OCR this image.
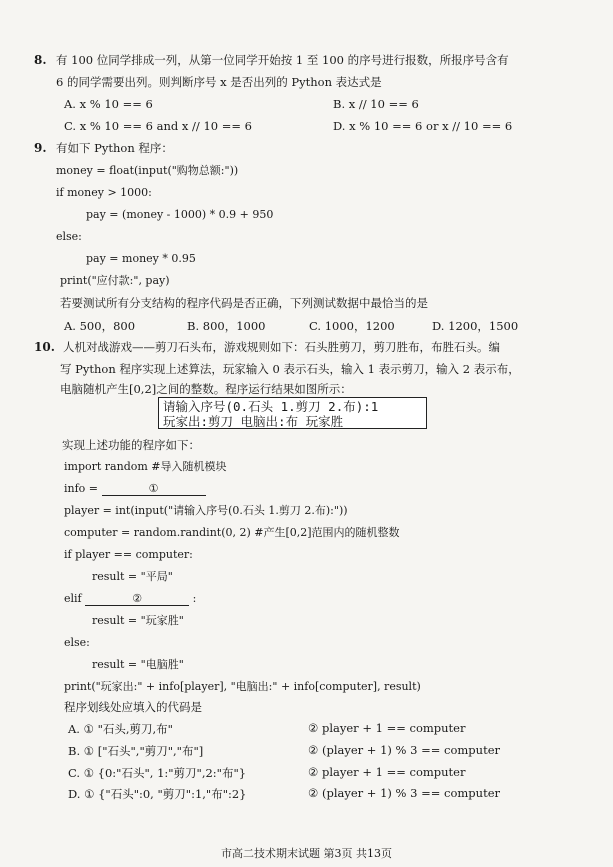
8. 有 100 位同学排成一列，从第一位同学开始按 1 至 100 的序号进行报数，所报序号含有
6 的同学需要出列。则判断序号 x 是否出列的 Python 表达式是
A. x % 10 == 6	B. x // 10 == 6
C. x % 10 == 6 and x // 10 == 6	D. x % 10 == 6 or x // 10 == 6
9. 有如下 Python 程序：
money = float(input("购物总额:"))
if money > 1000:
pay = (money - 1000) * 0.9 + 950
else:
pay = money * 0.95
print("应付款:", pay)
若要测试所有分支结构的程序代码是否正确，下列测试数据中最恰当的是
A. 500，800	B. 800，1000	C. 1000，1200	D. 1200，1500
10. 人机对战游戏——剪刀石头布，游戏规则如下：石头胜剪刀，剪刀胜布，布胜石头。编
写 Python 程序实现上述算法，玩家输入 0 表示石头，输入 1 表示剪刀，输入 2 表示布，
电脑随机产生[0,2]之间的整数。程序运行结果如图所示：
请输入序号(0.石头 1.剪刀 2.布):1
玩家出:剪刀 电脑出:布 玩家胜
实现上述功能的程序如下：
import random #导入随机模块
info =	①
player = int(input("请输入序号(0.石头 1.剪刀 2.布):"))
computer = random.randint(0, 2) #产生[0,2]范围内的随机整数
if player == computer:
result = "平局"
elif	②	:
result = "玩家胜"
else:
result = "电脑胜"
print("玩家出:" + info[player], "电脑出:" + info[computer], result)
程序划线处应填入的代码是
A. ① "石头,剪刀,布"	② player + 1 == computer
B. ① ["石头","剪刀","布"]	② (player + 1) % 3 == computer
C. ① {0:"石头", 1:"剪刀",2:"布"}	② player + 1 == computer
D. ① {"石头":0, "剪刀":1,"布":2}	② (player + 1) % 3 == computer
市高二技术期末试题 第3页 共13页
